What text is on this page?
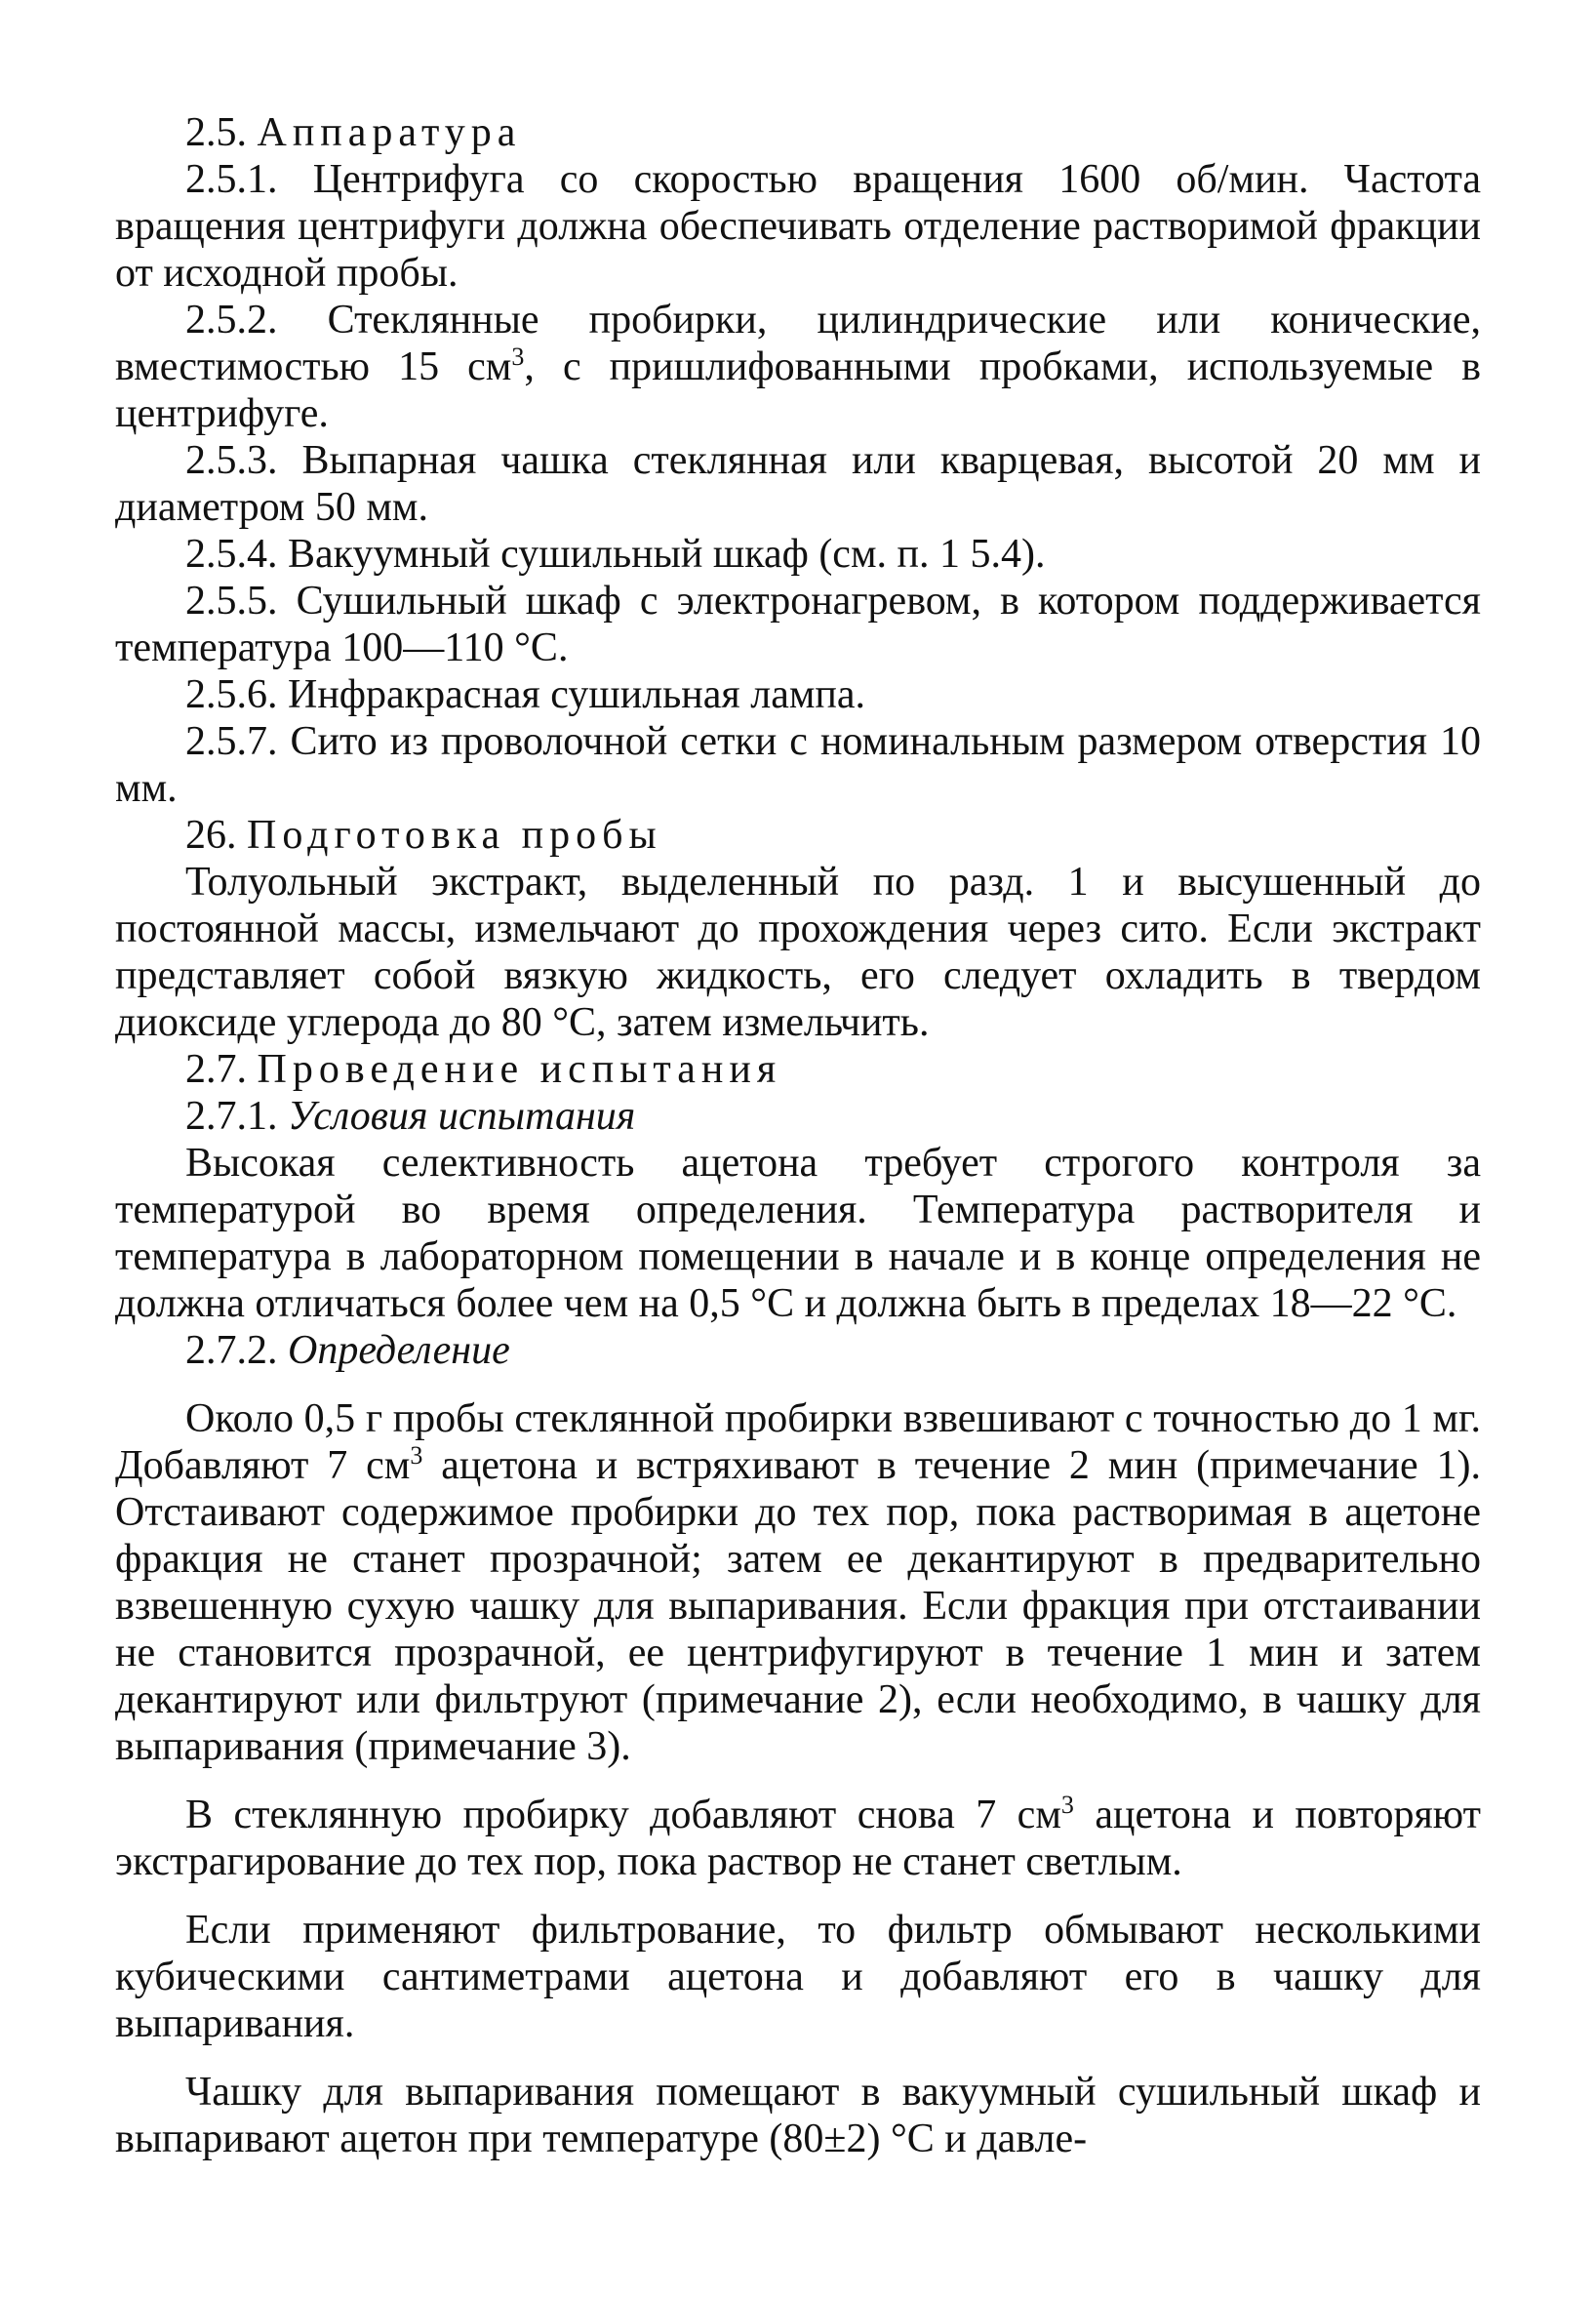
2.5. Аппаратура

2.5.1. Центрифуга со скоростью вращения 1600 об/мин. Частота вращения центрифуги должна обеспечивать отделение растворимой фракции от исходной пробы.

2.5.2. Стеклянные пробирки, цилиндрические или конические, вместимостью 15 $см^3$, с пришлифованными пробками, используемые в центрифуге.

2.5.3. Выпарная чашка стеклянная или кварцевая, высотой 20 мм и диаметром 50 мм.

2.5.4. Вакуумный сушильный шкаф (см. п. 1 5.4).

2.5.5. Сушильный шкаф с электронагревом, в котором поддерживается температура 100—110 °С.

2.5.6. Инфракрасная сушильная лампа.

2.5.7. Сито из проволочной сетки с номинальным размером отверстия 10 мм.

26. Подготовка пробы

Толуольный экстракт, выделенный по разд. 1 и высушенный до постоянной массы, измельчают до прохождения через сито. Если экстракт представляет собой вязкую жидкость, его следует охладить в твердом диоксиде углерода до 80 °С, затем измельчить.

2.7. Проведение испытания

2.7.1. Условия испытания

Высокая селективность ацетона требует строгого контроля за температурой во время определения. Температура растворителя и температура в лабораторном помещении в начале и в конце определения не должна отличаться более чем на 0,5 °С и должна быть в пределах 18—22 °С.

2.7.2. Определение

Около 0,5 г пробы стеклянной пробирки взвешивают с точностью до 1 мг. Добавляют 7 $см^3$ ацетона и встряхивают в течение 2 мин (примечание 1). Отстаивают содержимое пробирки до тех пор, пока растворимая в ацетоне фракция не станет прозрачной; затем ее декантируют в предварительно взвешенную сухую чашку для выпаривания. Если фракция при отстаивании не становится прозрачной, ее центрифугируют в течение 1 мин и затем декантируют или фильтруют (примечание 2), если необходимо, в чашку для выпаривания (примечание 3).

В стеклянную пробирку добавляют снова 7 $см^3$ ацетона и повторяют экстрагирование до тех пор, пока раствор не станет светлым.

Если применяют фильтрование, то фильтр обмывают несколькими кубическими сантиметрами ацетона и добавляют его в чашку для выпаривания.

Чашку для выпаривания помещают в вакуумный сушильный шкаф и выпаривают ацетон при температуре (80±2) °С и давле-
